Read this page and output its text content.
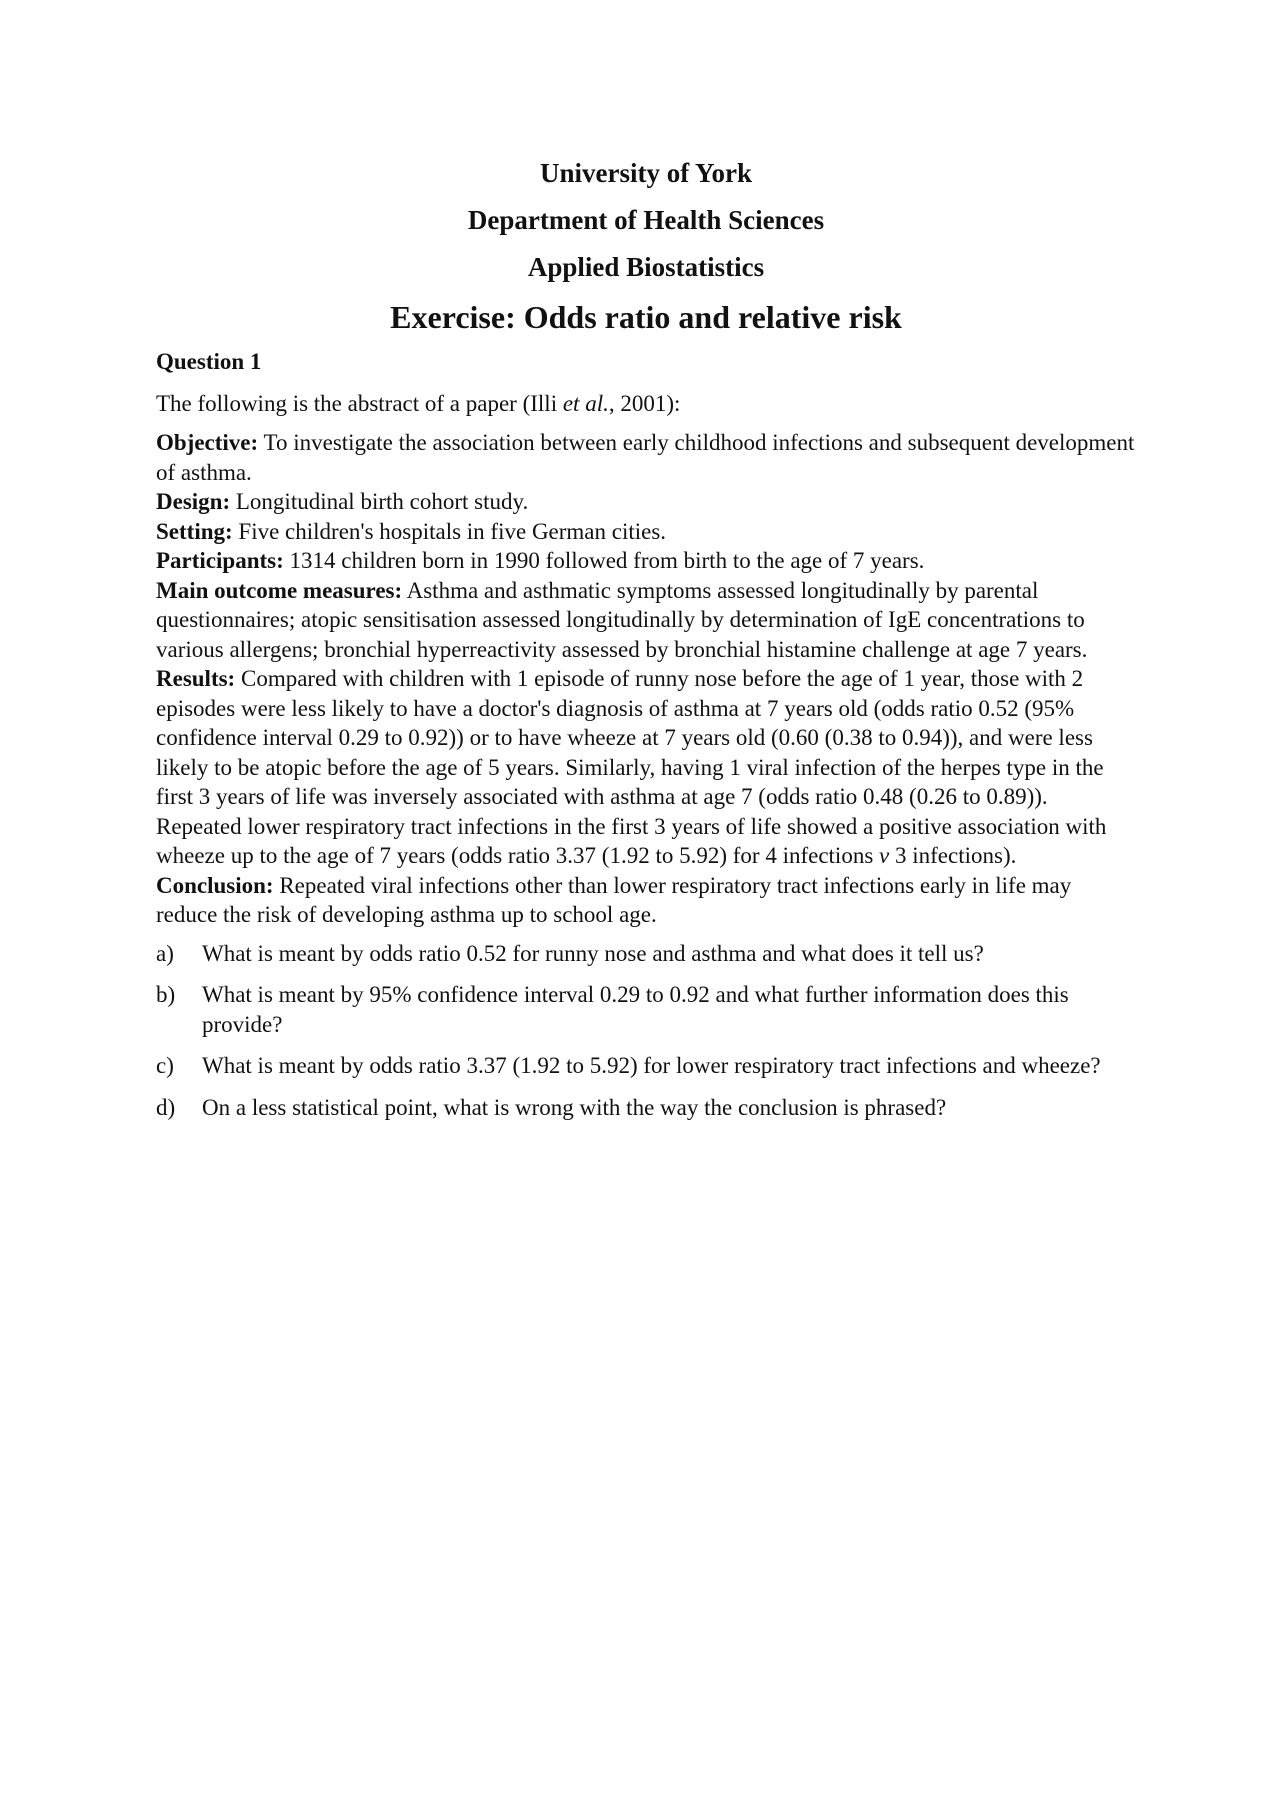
University of York
Department of Health Sciences
Applied Biostatistics
Exercise: Odds ratio and relative risk
Question 1
The following is the abstract of a paper (Illi et al., 2001):

Objective: To investigate the association between early childhood infections and subsequent development of asthma.

Design: Longitudinal birth cohort study.

Setting: Five children's hospitals in five German cities.

Participants: 1314 children born in 1990 followed from birth to the age of 7 years.

Main outcome measures: Asthma and asthmatic symptoms assessed longitudinally by parental questionnaires; atopic sensitisation assessed longitudinally by determination of IgE concentrations to various allergens; bronchial hyperreactivity assessed by bronchial histamine challenge at age 7 years.

Results: Compared with children with 1 episode of runny nose before the age of 1 year, those with 2 episodes were less likely to have a doctor's diagnosis of asthma at 7 years old (odds ratio 0.52 (95% confidence interval 0.29 to 0.92)) or to have wheeze at 7 years old (0.60 (0.38 to 0.94)), and were less likely to be atopic before the age of 5 years. Similarly, having 1 viral infection of the herpes type in the first 3 years of life was inversely associated with asthma at age 7 (odds ratio 0.48 (0.26 to 0.89)). Repeated lower respiratory tract infections in the first 3 years of life showed a positive association with wheeze up to the age of 7 years (odds ratio 3.37 (1.92 to 5.92) for 4 infections v 3 infections).

Conclusion: Repeated viral infections other than lower respiratory tract infections early in life may reduce the risk of developing asthma up to school age.

a)	What is meant by odds ratio 0.52 for runny nose and asthma and what does it tell us?
b)	What is meant by 95% confidence interval 0.29 to 0.92 and what further information does this provide?
c)	What is meant by odds ratio 3.37 (1.92 to 5.92) for lower respiratory tract infections and wheeze?
d)	On a less statistical point, what is wrong with the way the conclusion is phrased?
